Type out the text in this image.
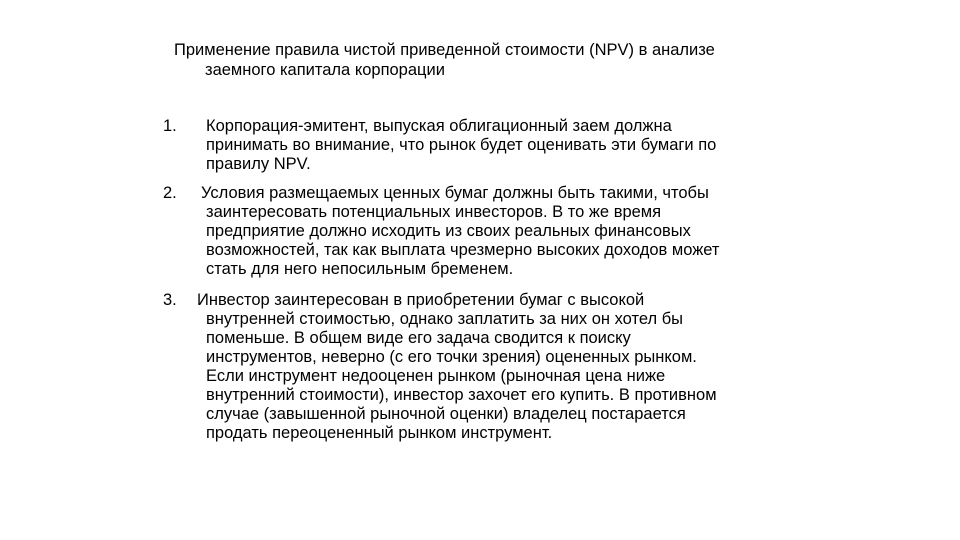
Применение правила чистой приведенной стоимости (NPV) в анализе
заемного капитала корпорации
1. Корпорация-эмитент, выпуская облигационный заем должна
принимать во внимание, что рынок будет оценивать эти бумаги по
правилу NPV.
2. Условия размещаемых ценных бумаг должны быть такими, чтобы
заинтересовать потенциальных инвесторов. В то же время
предприятие должно исходить из своих реальных финансовых
возможностей, так как выплата чрезмерно высоких доходов может
стать для него непосильным бременем.
3. Инвестор заинтересован в приобретении бумаг с высокой
внутренней стоимостью, однако заплатить за них он хотел бы
поменьше. В общем виде его задача сводится к поиску
инструментов, неверно (с его точки зрения) оцененных рынком.
Если инструмент недооценен рынком (рыночная цена ниже
внутренний стоимости), инвестор захочет его купить. В противном
случае (завышенной рыночной оценки) владелец постарается
продать переоцененный рынком инструмент.
